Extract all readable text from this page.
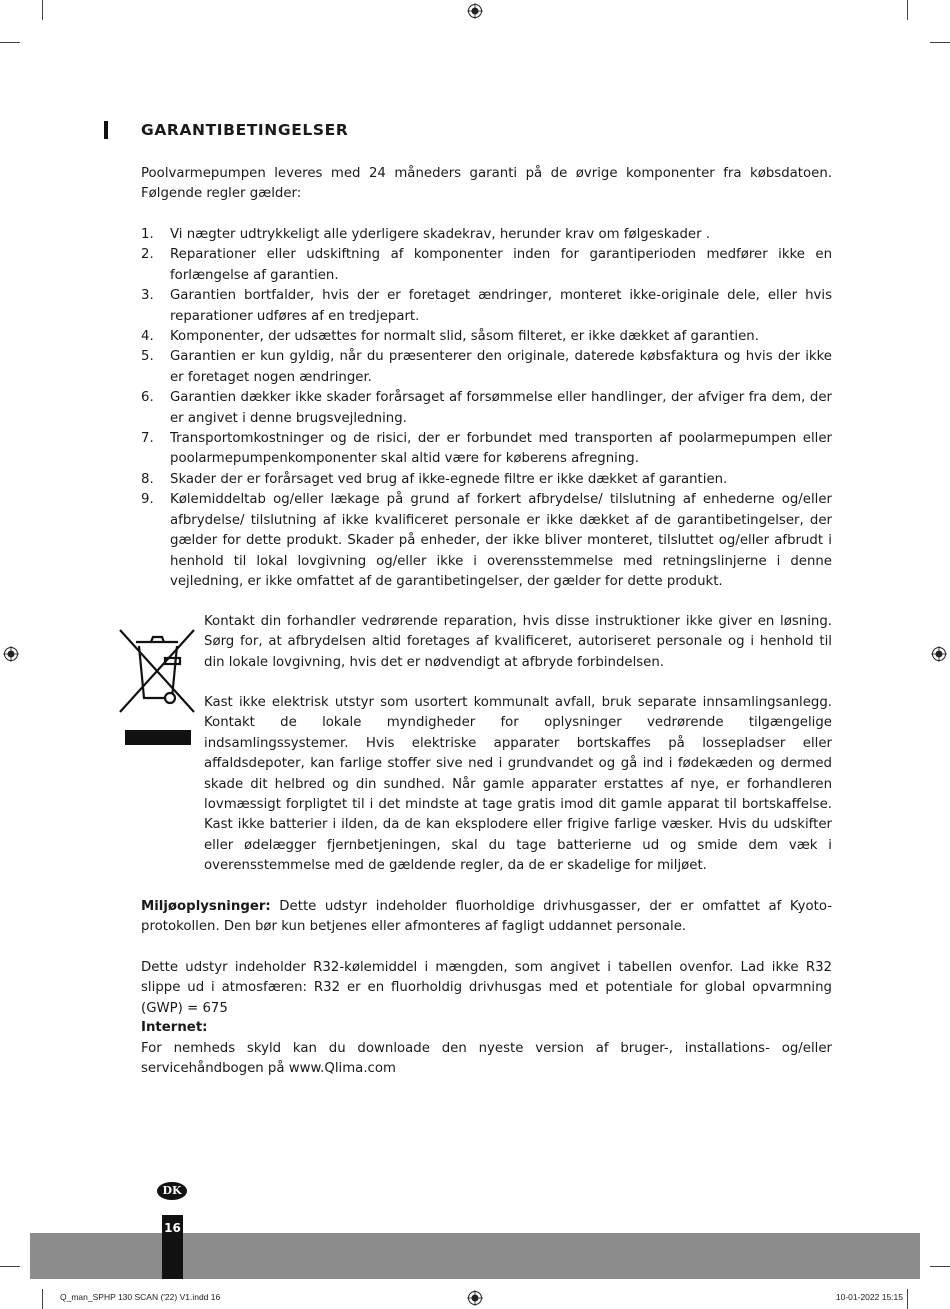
GARANTIBETINGELSER

Poolvarmepumpen leveres med 24 måneders garanti på de øvrige komponenter fra købsdatoen. Følgende regler gælder:

1. Vi nægter udtrykkeligt alle yderligere skadekrav, herunder krav om følgeskader .
2. Reparationer eller udskiftning af komponenter inden for garantiperioden medfører ikke en forlængelse af garantien.
3. Garantien bortfalder, hvis der er foretaget ændringer, monteret ikke-originale dele, eller hvis reparationer udføres af en tredjepart.
4. Komponenter, der udsættes for normalt slid, såsom filteret, er ikke dækket af garantien.
5. Garantien er kun gyldig, når du præsenterer den originale, daterede købsfaktura og hvis der ikke er foretaget nogen ændringer.
6. Garantien dækker ikke skader forårsaget af forsømmelse eller handlinger, der afviger fra dem, der er angivet i denne brugsvejledning.
7. Transportomkostninger og de risici, der er forbundet med transporten af poolarmepumpen eller poolarmepumpenkomponenter skal altid være for køberens afregning.
8. Skader der er forårsaget ved brug af ikke-egnede filtre er ikke dækket af garantien.
9. Kølemiddeltab og/eller lækage på grund af forkert afbrydelse/ tilslutning af enhederne og/eller afbrydelse/ tilslutning af ikke kvalificeret personale er ikke dækket af de garantibetingelser, der gælder for dette produkt. Skader på enheder, der ikke bliver monteret, tilsluttet og/eller afbrudt i henhold til lokal lovgivning og/eller ikke i overensstemmelse med retningslinjerne i denne vejledning, er ikke omfattet af de garantibetingelser, der gælder for dette produkt.

Kontakt din forhandler vedrørende reparation, hvis disse instruktioner ikke giver en løsning. Sørg for, at afbrydelsen altid foretages af kvalificeret, autoriseret personale og i henhold til din lokale lovgivning, hvis det er nødvendigt at afbryde forbindelsen.

Kast ikke elektrisk utstyr som usortert kommunalt avfall, bruk separate innsamlingsanlegg. Kontakt de lokale myndigheder for oplysninger vedrørende tilgængelige indsamlingssystemer. Hvis elektriske apparater bortskaffes på lossepladser eller affaldsdepoter, kan farlige stoffer sive ned i grundvandet og gå ind i fødekæden og dermed skade dit helbred og din sundhed. Når gamle apparater erstattes af nye, er forhandleren lovmæssigt forpligtet til i det mindste at tage gratis imod dit gamle apparat til bortskaffelse. Kast ikke batterier i ilden, da de kan eksplodere eller frigive farlige væsker. Hvis du udskifter eller ødelægger fjernbetjeningen, skal du tage batterierne ud og smide dem væk i overensstemmelse med de gældende regler, da de er skadelige for miljøet.

Miljøoplysninger: Dette udstyr indeholder fluorholdige drivhusgasser, der er omfattet af Kyoto-protokollen. Den bør kun betjenes eller afmonteres af fagligt uddannet personale.

Dette udstyr indeholder R32-kølemiddel i mængden, som angivet i tabellen ovenfor. Lad ikke R32 slippe ud i atmosfæren: R32 er en fluorholdig drivhusgas med et potentiale for global opvarmning (GWP) = 675

Internet:

For nemheds skyld kan du downloade den nyeste version af bruger-, installations- og/eller servicehåndbogen på www.Qlima.com

DK
16
Q_man_SPHP 130 SCAN ('22) V1.indd 16	10-01-2022 15:15
